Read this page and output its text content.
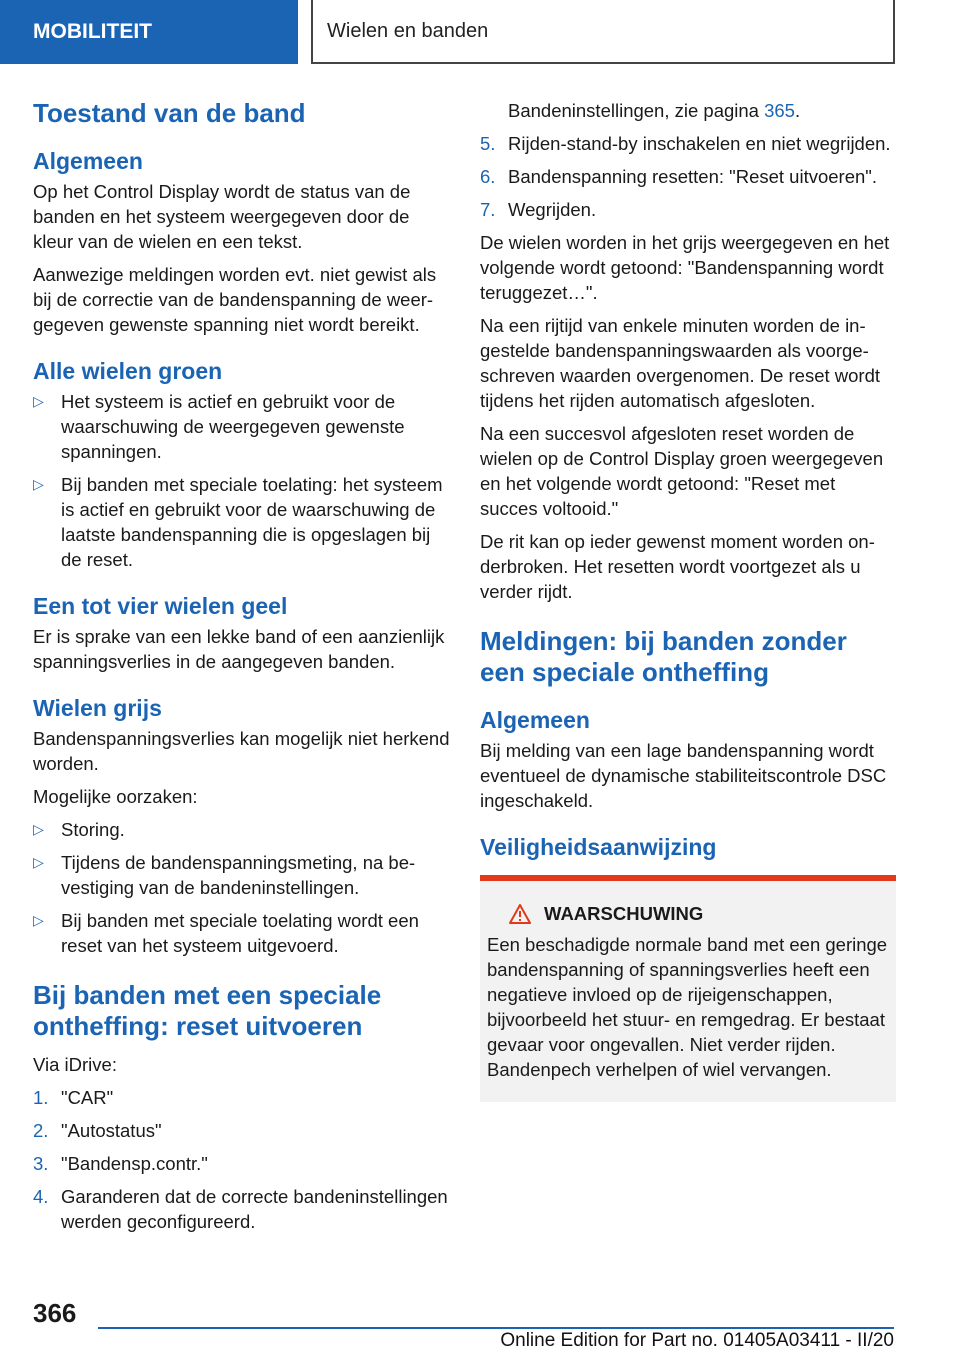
MOBILITEIT	Wielen en banden
Toestand van de band
Algemeen

Op het Control Display wordt de status van de banden en het systeem weergegeven door de kleur van de wielen en een tekst.

Aanwezige meldingen worden evt. niet gewist als bij de correctie van de bandenspanning de weergegeven gewenste spanning niet wordt bereikt.

Alle wielen groen
▷ Het systeem is actief en gebruikt voor de waarschuwing de weergegeven gewenste spanningen.
▷ Bij banden met speciale toelating: het systeem is actief en gebruikt voor de waarschuwing de laatste bandenspanning die is opgeslagen bij de reset.
Een tot vier wielen geel

Er is sprake van een lekke band of een aanzienlijk spanningsverlies in de aangegeven banden.

Wielen grijs

Bandenspanningsverlies kan mogelijk niet herkend worden.

Mogelijke oorzaken:

▷ Storing.
▷ Tijdens de bandenspanningsmeting, na bevestiging van de bandeninstellingen.
▷ Bij banden met speciale toelating wordt een reset van het systeem uitgevoerd.
Bij banden met een speciale ontheffing: reset uitvoeren

Via iDrive:

1. "CAR"
2. "Autostatus"
3. "Bandensp.contr."
4. Garanderen dat de correcte bandeninstellingen werden geconfigureerd.
Bandeninstellingen, zie pagina 365.
5. Rijden-stand-by inschakelen en niet wegrijden.
6. Bandenspanning resetten: "Reset uitvoeren".
7. Wegrijden.

De wielen worden in het grijs weergegeven en het volgende wordt getoond: "Bandenspanning wordt teruggezet…".

Na een rijtijd van enkele minuten worden de ingestelde bandenspanningswaarden als voorgeschreven waarden overgenomen. De reset wordt tijdens het rijden automatisch afgesloten.

Na een succesvol afgesloten reset worden de wielen op de Control Display groen weergegeven en het volgende wordt getoond: "Reset met succes voltooid."

De rit kan op ieder gewenst moment worden onderbroken. Het resetten wordt voortgezet als u verder rijdt.

Meldingen: bij banden zonder een speciale ontheffing
Algemeen

Bij melding van een lage bandenspanning wordt eventueel de dynamische stabiliteitscontrole DSC ingeschakeld.

Veiligheidsaanwijzing
WAARSCHUWING

Een beschadigde normale band met een geringe bandenspanning of spanningsverlies heeft een negatieve invloed op de rijeigenschappen, bijvoorbeeld het stuur- en remgedrag. Er bestaat gevaar voor ongevallen. Niet verder rijden. Bandenpech verhelpen of wiel vervangen.

366
Online Edition for Part no. 01405A03411 - II/20
